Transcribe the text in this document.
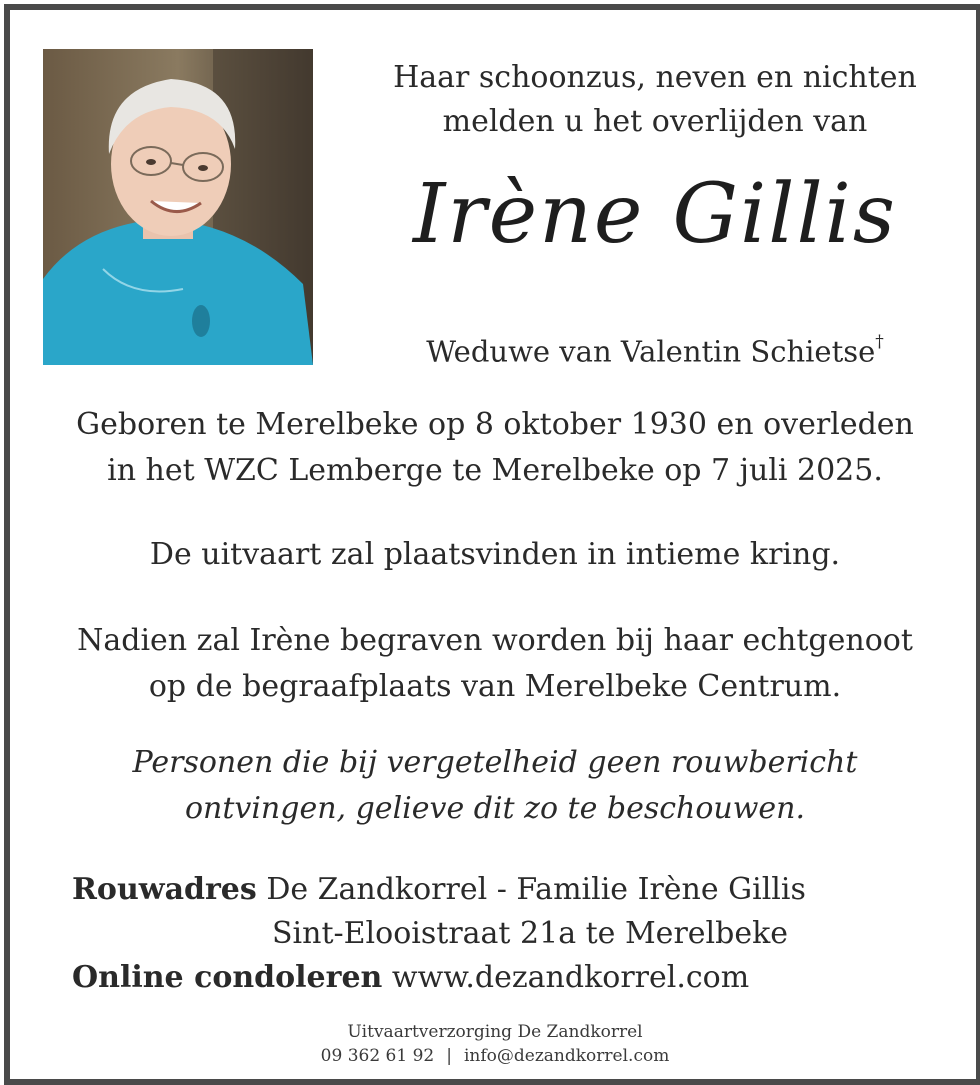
Haar schoonzus, neven en nichten
melden u het overlijden van
Irène Gillis
Weduwe van Valentin Schietse†
Geboren te Merelbeke op 8 oktober 1930 en overleden
in het WZC Lemberge te Merelbeke op 7 juli 2025.
De uitvaart zal plaatsvinden in intieme kring.
Nadien zal Irène begraven worden bij haar echtgenoot
op de begraafplaats van Merelbeke Centrum.
Personen die bij vergetelheid geen rouwbericht
ontvingen, gelieve dit zo te beschouwen.
Rouwadres De Zandkorrel - Familie Irène Gillis
Sint-Elooistraat 21a te Merelbeke
Online condoleren www.dezandkorrel.com
Uitvaartverzorging De Zandkorrel
09 362 61 92 | info@dezandkorrel.com
